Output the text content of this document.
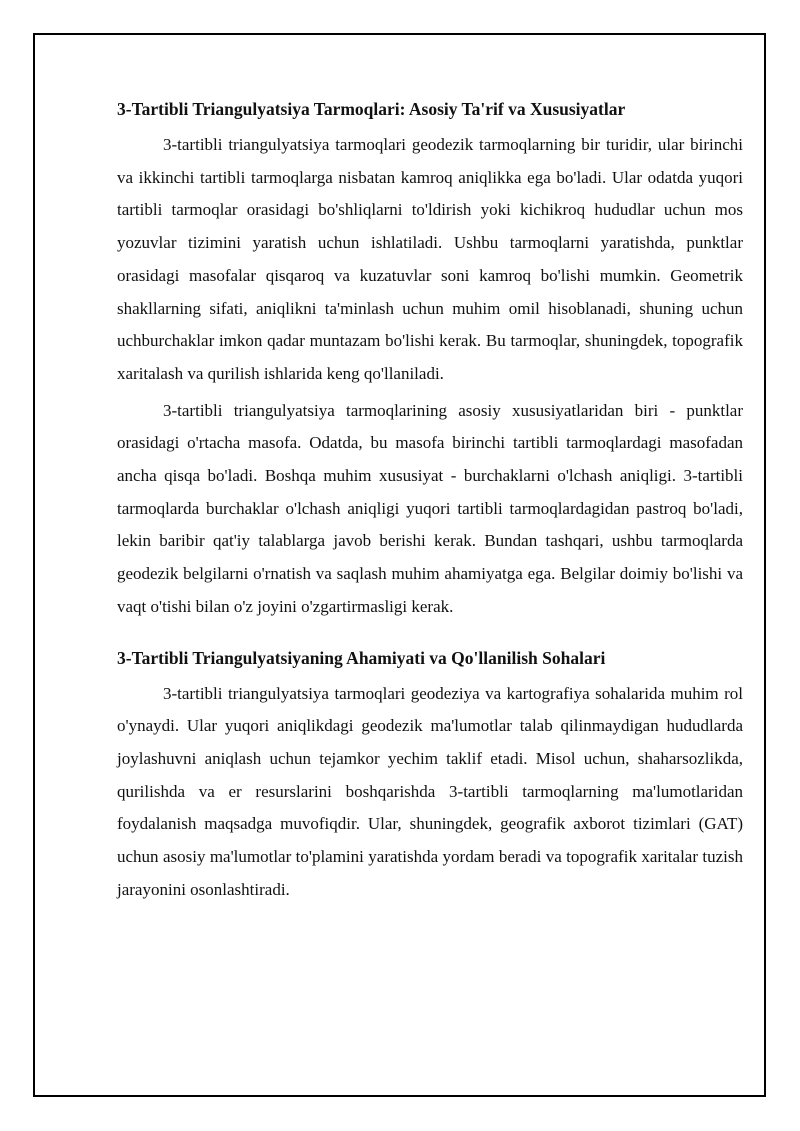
3-Tartibli Triangulyatsiya Tarmoqlari: Asosiy Ta'rif va Xususiyatlar

3-tartibli triangulyatsiya tarmoqlari geodezik tarmoqlarning bir turidir, ular birinchi va ikkinchi tartibli tarmoqlarga nisbatan kamroq aniqlikka ega bo'ladi. Ular odatda yuqori tartibli tarmoqlar orasidagi bo'shliqlarni to'ldirish yoki kichikroq hududlar uchun mos yozuvlar tizimini yaratish uchun ishlatiladi. Ushbu tarmoqlarni yaratishda, punktlar orasidagi masofalar qisqaroq va kuzatuvlar soni kamroq bo'lishi mumkin. Geometrik shakllarning sifati, aniqlikni ta'minlash uchun muhim omil hisoblanadi, shuning uchun uchburchaklar imkon qadar muntazam bo'lishi kerak. Bu tarmoqlar, shuningdek, topografik xaritalash va qurilish ishlarida keng qo'llaniladi.

3-tartibli triangulyatsiya tarmoqlarining asosiy xususiyatlaridan biri - punktlar orasidagi o'rtacha masofa. Odatda, bu masofa birinchi tartibli tarmoqlardagi masofadan ancha qisqa bo'ladi. Boshqa muhim xususiyat - burchaklarni o'lchash aniqligi. 3-tartibli tarmoqlarda burchaklar o'lchash aniqligi yuqori tartibli tarmoqlardagidan pastroq bo'ladi, lekin baribir qat'iy talablarga javob berishi kerak. Bundan tashqari, ushbu tarmoqlarda geodezik belgilarni o'rnatish va saqlash muhim ahamiyatga ega. Belgilar doimiy bo'lishi va vaqt o'tishi bilan o'z joyini o'zgartirmasligi kerak.

3-Tartibli Triangulyatsiyaning Ahamiyati va Qo'llanilish Sohalari

3-tartibli triangulyatsiya tarmoqlari geodeziya va kartografiya sohalarida muhim rol o'ynaydi. Ular yuqori aniqlikdagi geodezik ma'lumotlar talab qilinmaydigan hududlarda joylashuvni aniqlash uchun tejamkor yechim taklif etadi. Misol uchun, shaharsozlikda, qurilishda va er resurslarini boshqarishda 3-tartibli tarmoqlarning ma'lumotlaridan foydalanish maqsadga muvofiqdir. Ular, shuningdek, geografik axborot tizimlari (GAT) uchun asosiy ma'lumotlar to'plamini yaratishda yordam beradi va topografik xaritalar tuzish jarayonini osonlashtiradi.
